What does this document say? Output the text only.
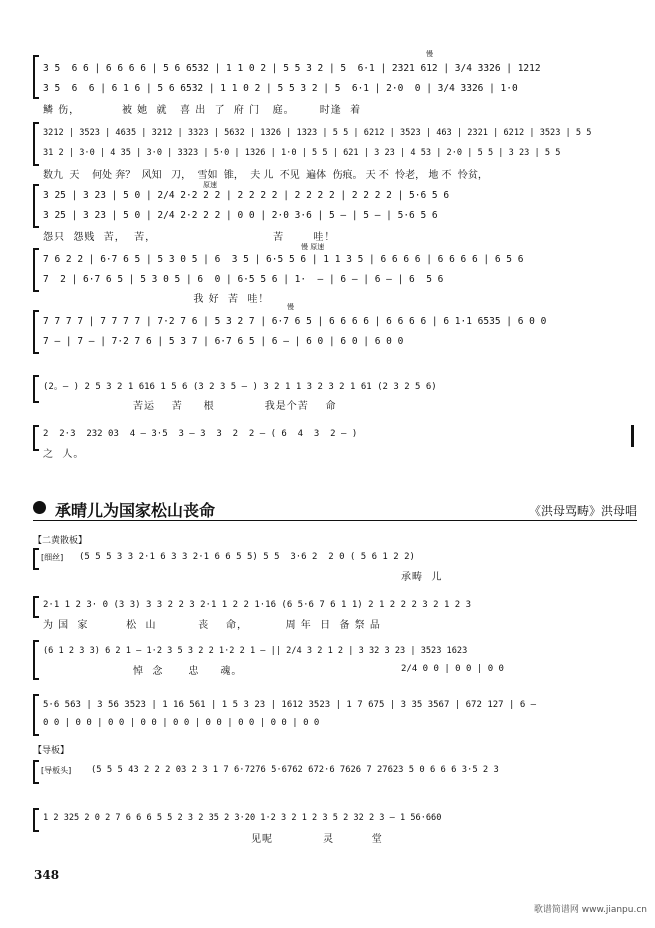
慢
3 5  6 6 | 6 6 6 6 | 5 6 6532 | 1 1 0 2 | 5 5 3 2 | 5  6·1 | 2321 612 | 3/4 3326 | 1212
3 5  6  6 | 6 1 6 | 5 6 6532 | 1 1 0 2 | 5 5 3 2 | 5  6·1 | 2·0  0 | 3/4 3326 | 1·0
鳞 伤，          被 她  就   喜 出  了  府 门   庭。      时逢  着
3212 | 3523 | 4635 | 3212 | 3323 | 5632 | 1326 | 1323 | 5 5 | 6212 | 3523 | 463 | 2321 | 6212 | 3523 | 5 5
31 2 | 3·0 | 4 35 | 3·0 | 3323 | 5·0 | 1326 | 1·0 | 5 5 | 621 | 3 23 | 4 53 | 2·0 | 5 5 | 3 23 | 5 5
数九  天    何处 奔？  风知   刀，  雪如  锥，  夫 儿  不见  遍体  伤痕。 天 不  怜老， 地 不  怜贫，
原速
3 25 | 3 23 | 5 0 | 2/4 2·2 2 2 | 2 2 2 2 | 2 2 2 2 | 2 2 2 2 | 5·6 5 6
3 25 | 3 23 | 5 0 | 2/4 2·2 2 2 | 0 0 | 2·0 3·6 | 5 — | 5 — | 5·6 5 6
怨只  怨贱  苦，  苦，                            苦       哇！
慢 原速
7 6 2 2 | 6·7 6 5 | 5 3 0 5 | 6  3 5 | 6·5 5 6 | 1 1 3 5 | 6 6 6 6 | 6 6 6 6 | 6 5 6
7  2 | 6·7 6 5 | 5 3 0 5 | 6  0 | 6·5 5 6 | 1·  — | 6 — | 6 — | 6  5 6
我 好  苦  哇！
慢
7 7 7 7 | 7 7 7 7 | 7·2 7 6 | 5 3 2 7 | 6·7 6 5 | 6 6 6 6 | 6 6 6 6 | 6 1·1 6535 | 6 0 0
7 — | 7 — | 7·2 7 6 | 5 3 7 | 6·7 6 5 | 6 — | 6 0 | 6 0 | 6 0 0
(2。— ) 2 5 3 2 1 616 1 5 6 (3 2 3 5 — ) 3 2 1 1 3 2 3 2 1 61 (2 3 2 5 6)
苦运    苦     根            我是个苦    命
2  2·3  232 03  4 — 3·5  3 — 3  3  2  2 — ( 6  4  3  2 — )
之  人。
承晴儿为国家松山丧命	《洪母骂畴》洪母唱
【二黄散板】
[细丝] (5 5 5 3 3 2·1 6 3 3 2·1 6 6 5 5) 5 5  3·6 2  2 0 ( 5 6 1 2 2)
承畴  儿
2·1 1 2 3· 0 (3 3) 3 3 2 2 3 2·1 1 2 2 1·16 (6 5·6 7 6 1 1) 2 1 2 2 2 3 2 1 2 3
为 国  家         松  山          丧    命，         周 年  日  备 祭 品
(6 1 2 3 3) 6 2 1 — 1·2 3 5 3 2 2 1·2 2 1 — || 2/4 3 2 1 2 | 3 32 3 23 | 3523 1623
2/4 0 0 | 0 0 | 0 0
悼  念      忠     魂。
5·6 563 | 3 56 3523 | 1 16 561 | 1 5 3 23 | 1612 3523 | 1 7 675 | 3 35 3567 | 672 127 | 6 —
0 0 | 0 0 | 0 0 | 0 0 | 0 0 | 0 0 | 0 0 | 0 0 | 0 0
【导板】
[导板头] (5 5 5 43 2 2 2 03 2 3 1 7 6·7276 5·6762 672·6 7626 7 27623 5 0 6 6 6 3·5 2 3
1 2 325 2 0 2 7 6 6 6 5 5 2 3 2 35 2 3·20 1·2 3 2 1 2 3 5 2 32 2 3 — 1 56·660
见呢            灵         堂
348
歌谱简谱网 www.jianpu.cn
